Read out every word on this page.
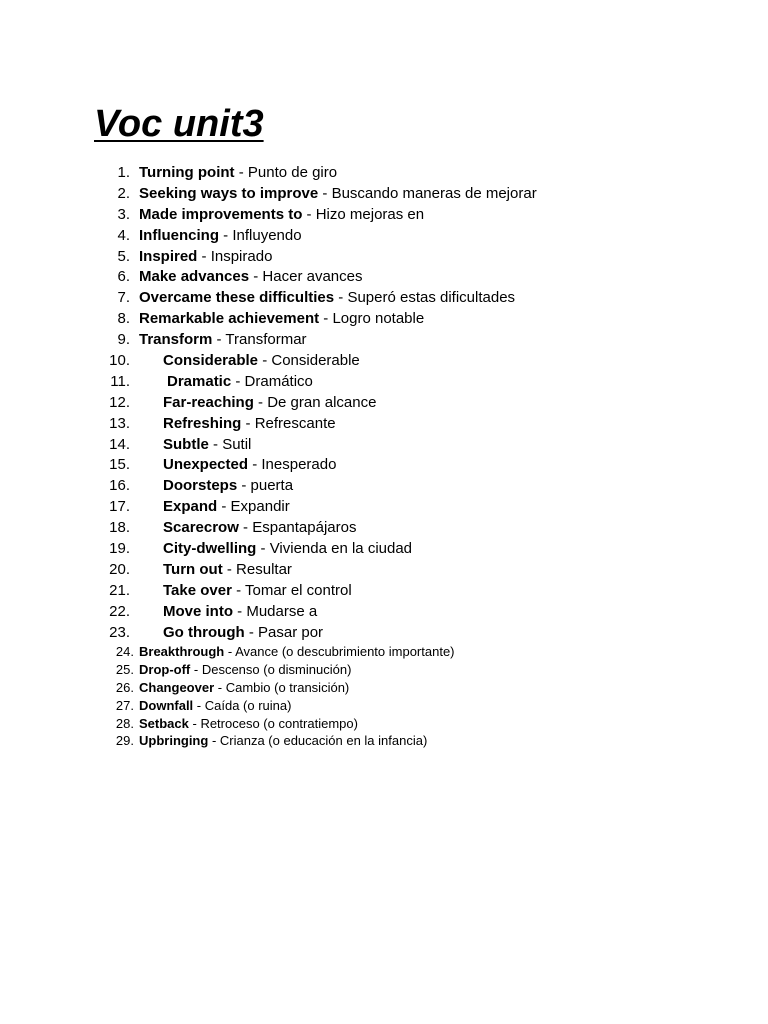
Voc unit3
1. Turning point - Punto de giro
2. Seeking ways to improve - Buscando maneras de mejorar
3. Made improvements to - Hizo mejoras en
4. Influencing - Influyendo
5. Inspired - Inspirado
6. Make advances - Hacer avances
7. Overcame these difficulties - Superó estas dificultades
8. Remarkable achievement - Logro notable
9. Transform - Transformar
10. Considerable - Considerable
11. Dramatic - Dramático
12. Far-reaching - De gran alcance
13. Refreshing - Refrescante
14. Subtle - Sutil
15. Unexpected - Inesperado
16. Doorsteps - puerta
17. Expand - Expandir
18. Scarecrow - Espantapájaros
19. City-dwelling - Vivienda en la ciudad
20. Turn out - Resultar
21. Take over - Tomar el control
22. Move into - Mudarse a
23. Go through - Pasar por
24. Breakthrough - Avance (o descubrimiento importante)
25. Drop-off - Descenso (o disminución)
26. Changeover - Cambio (o transición)
27. Downfall - Caída (o ruina)
28. Setback - Retroceso (o contratiempo)
29. Upbringing - Crianza (o educación en la infancia)
